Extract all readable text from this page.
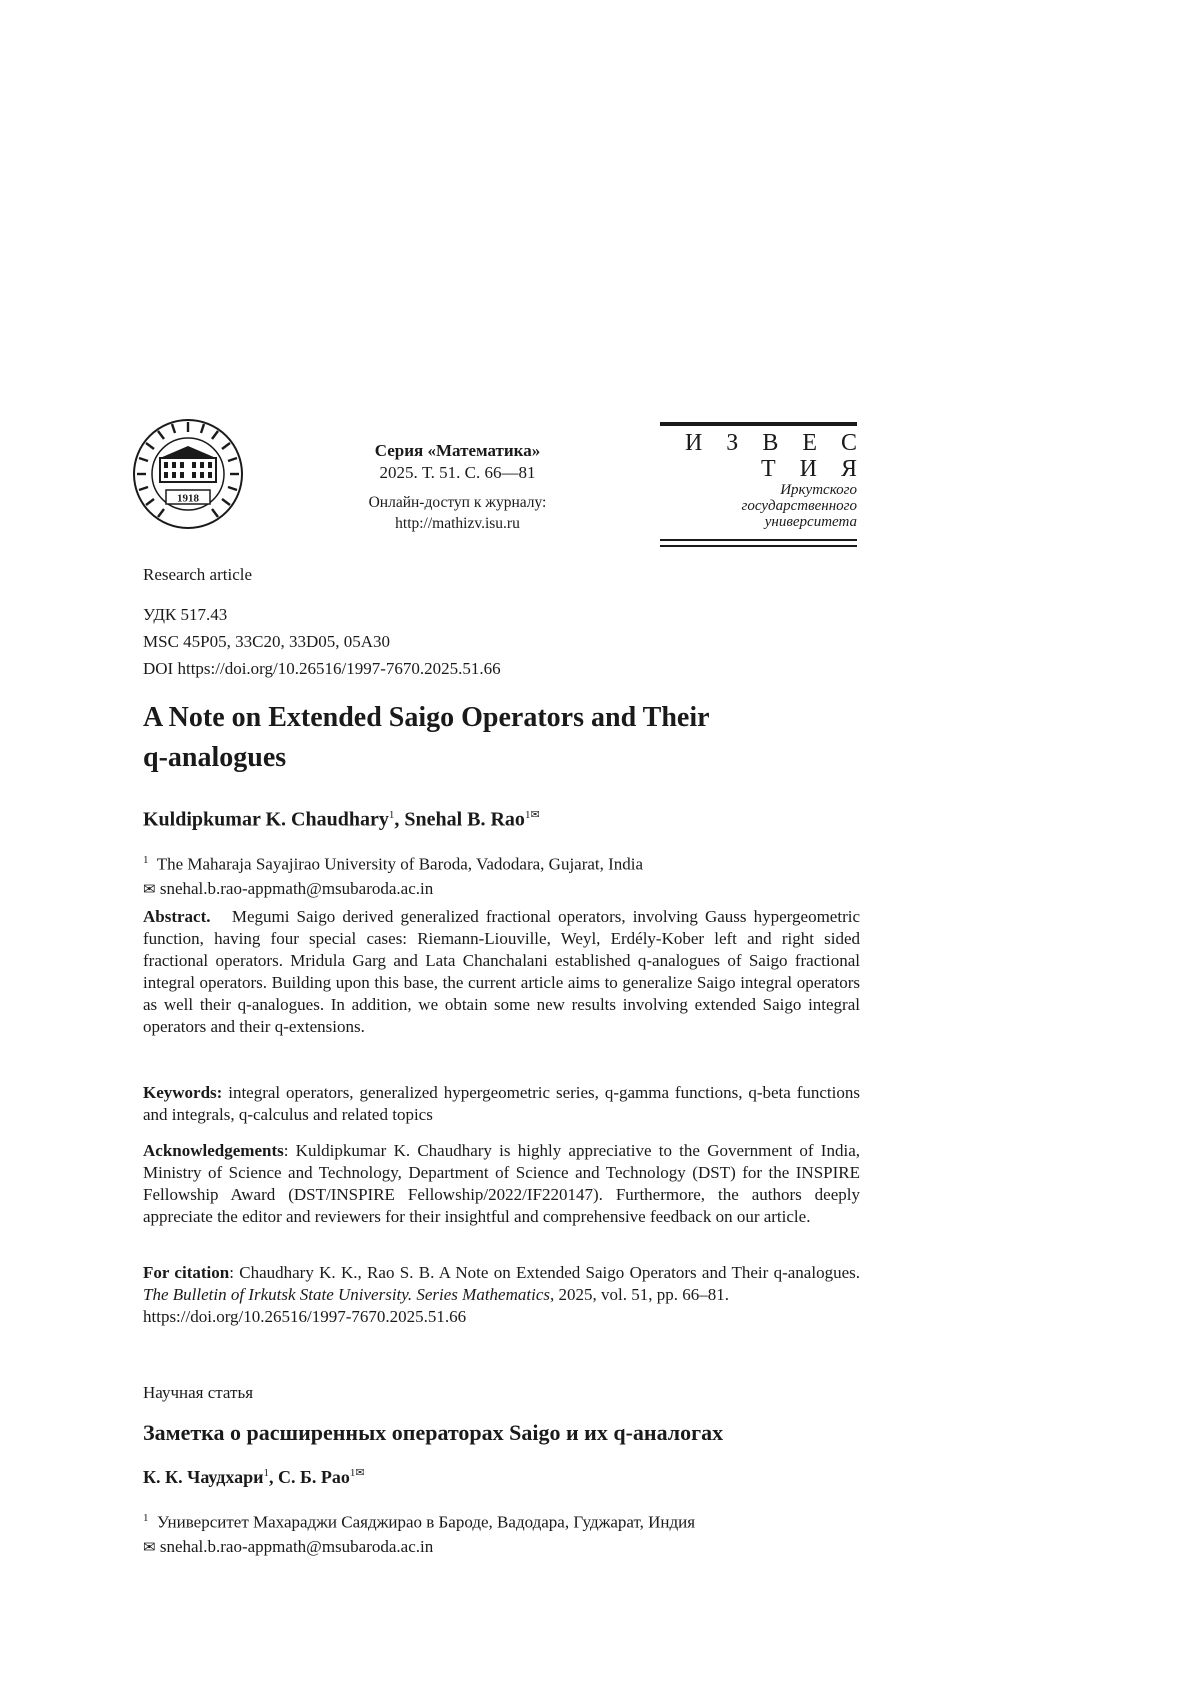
1918
Серия «Математика»
2025. Т. 51. С. 66—81
Онлайн-доступ к журналу:
http://mathizv.isu.ru
И З В Е С Т И Я
Иркутского
государственного
университета
Research article
УДК 517.43
MSC 45P05, 33C20, 33D05, 05A30
DOI https://doi.org/10.26516/1997-7670.2025.51.66
A Note on Extended Saigo Operators and Their
q-analogues
Kuldipkumar K. Chaudhary$^1$, Snehal B. Rao$^{1✉}$
$^1$ The Maharaja Sayajirao University of Baroda, Vadodara, Gujarat, India
✉ snehal.b.rao-appmath@msubaroda.ac.in
Abstract. Megumi Saigo derived generalized fractional operators, involving Gauss hypergeometric function, having four special cases: Riemann-Liouville, Weyl, Erdély-Kober left and right sided fractional operators. Mridula Garg and Lata Chanchalani established q-analogues of Saigo fractional integral operators. Building upon this base, the current article aims to generalize Saigo integral operators as well their q-analogues. In addition, we obtain some new results involving extended Saigo integral operators and their q-extensions.
Keywords: integral operators, generalized hypergeometric series, q-gamma functions, q-beta functions and integrals, q-calculus and related topics
Acknowledgements: Kuldipkumar K. Chaudhary is highly appreciative to the Government of India, Ministry of Science and Technology, Department of Science and Technology (DST) for the INSPIRE Fellowship Award (DST/INSPIRE Fellowship/2022/IF220147). Furthermore, the authors deeply appreciate the editor and reviewers for their insightful and comprehensive feedback on our article.
For citation: Chaudhary K. K., Rao S. B. A Note on Extended Saigo Operators and Their q-analogues. The Bulletin of Irkutsk State University. Series Mathematics, 2025, vol. 51, pp. 66–81.
https://doi.org/10.26516/1997-7670.2025.51.66
Научная статья
Заметка о расширенных операторах Saigo и их q-аналогах
К. К. Чаудхари$^1$, С. Б. Рао$^{1✉}$
$^1$ Университет Махараджи Саяджирао в Бароде, Вадодара, Гуджарат, Индия
✉ snehal.b.rao-appmath@msubaroda.ac.in
